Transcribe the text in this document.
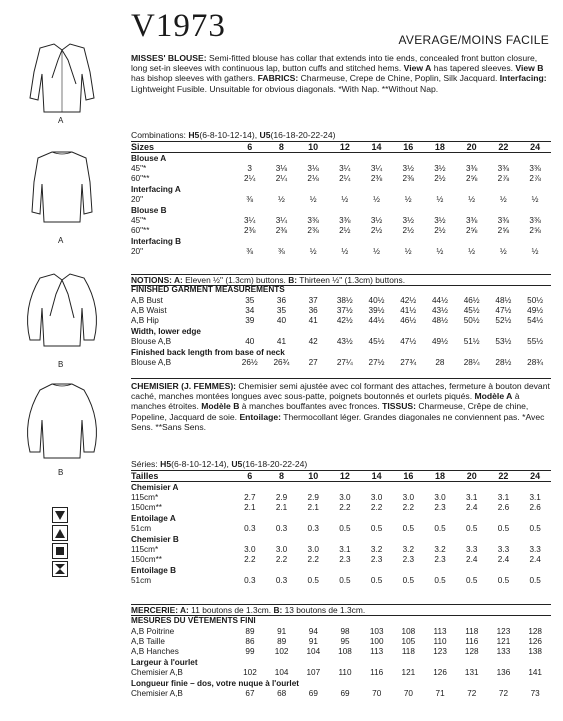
A
A
B
B
V1973	AVERAGE/MOINS FACILE
MISSES' BLOUSE: Semi-fitted blouse has collar that extends into tie ends, concealed front button closure, long set-in sleeves with continuous lap, button cuffs and stitched hems. View A has tapered sleeves. View B has bishop sleeves with gathers. FABRICS: Charmeuse, Crepe de Chine, Poplin, Silk Jacquard. Interfacing: Lightweight Fusible. Unsuitable for obvious diagonals. *With Nap. **Without Nap.
Combinations: H5(6-8-10-12-14), U5(16-18-20-22-24)
Sizes	6	8	10	12	14	16	18	20	22	24
Blouse A										
45"*	3	3⅛	3⅛	3¼	3¼	3½	3½	3⅜	3⅜	3⅜
60"**	2¼	2¼	2⅛	2¼	2⅜	2⅜	2½	2⅝	2⅞	2⅞
Interfacing A										
20"	⅜	½	½	½	½	½	½	½	½	½
Blouse B										
45"*	3¼	3¼	3⅜	3⅜	3½	3½	3½	3⅜	3⅜	3⅜
60"**	2⅜	2⅜	2⅜	2½	2½	2½	2½	2⅝	2⅝	2⅝
Interfacing B										
20"	⅜	⅜	½	½	½	½	½	½	½	½
NOTIONS: A: Eleven ½" (1.3cm) buttons. B: Thirteen ½" (1.3cm) buttons.
FINISHED GARMENT MEASUREMENTS										
A,B Bust	35	36	37	38½	40½	42½	44½	46½	48½	50½
A,B Waist	34	35	36	37½	39½	41½	43½	45½	47½	49½
A,B Hip	39	40	41	42½	44½	46½	48½	50½	52½	54½
Width, lower edge										
Blouse A,B	40	41	42	43½	45½	47½	49½	51½	53½	55½
Finished back length from base of neck										
Blouse A,B	26½	26¾	27	27¼	27½	27¾	28	28¼	28½	28¾
CHEMISIER (J. FEMMES): Chemisier semi ajustée avec col formant des attaches, fermeture à bouton devant caché, manches montées longues avec sous-patte, poignets boutonnés et ourlets piqués. Modèle A à manches étroites. Modèle B à manches bouffantes avec fronces. TISSUS: Charmeuse, Crêpe de chine, Popeline, Jacquard de soie. Entoilage: Thermocollant léger. Grandes diagonales ne conviennent pas. *Avec Sens. **Sans Sens.
Séries: H5(6-8-10-12-14), U5(16-18-20-22-24)
Tailles	6	8	10	12	14	16	18	20	22	24
Chemisier A										
115cm*	2.7	2.9	2.9	3.0	3.0	3.0	3.0	3.1	3.1	3.1
150cm**	2.1	2.1	2.1	2.2	2.2	2.2	2.3	2.4	2.6	2.6
Entoilage A										
51cm	0.3	0.3	0.3	0.5	0.5	0.5	0.5	0.5	0.5	0.5
Chemisier B										
115cm*	3.0	3.0	3.0	3.1	3.2	3.2	3.2	3.3	3.3	3.3
150cm**	2.2	2.2	2.2	2.3	2.3	2.3	2.3	2.4	2.4	2.4
Entoilage B										
51cm	0.3	0.3	0.5	0.5	0.5	0.5	0.5	0.5	0.5	0.5
MERCERIE: A: 11 boutons de 1.3cm. B: 13 boutons de 1.3cm.
MESURES DU VÊTEMENTS FINI										
A,B Poitrine	89	91	94	98	103	108	113	118	123	128
A,B Taille	86	89	91	95	100	105	110	116	121	126
A,B Hanches	99	102	104	108	113	118	123	128	133	138
Largeur à l'ourlet										
Chemisier A,B	102	104	107	110	116	121	126	131	136	141
Longueur finie – dos, votre nuque à l'ourlet										
Chemisier A,B	67	68	69	69	70	70	71	72	72	73
